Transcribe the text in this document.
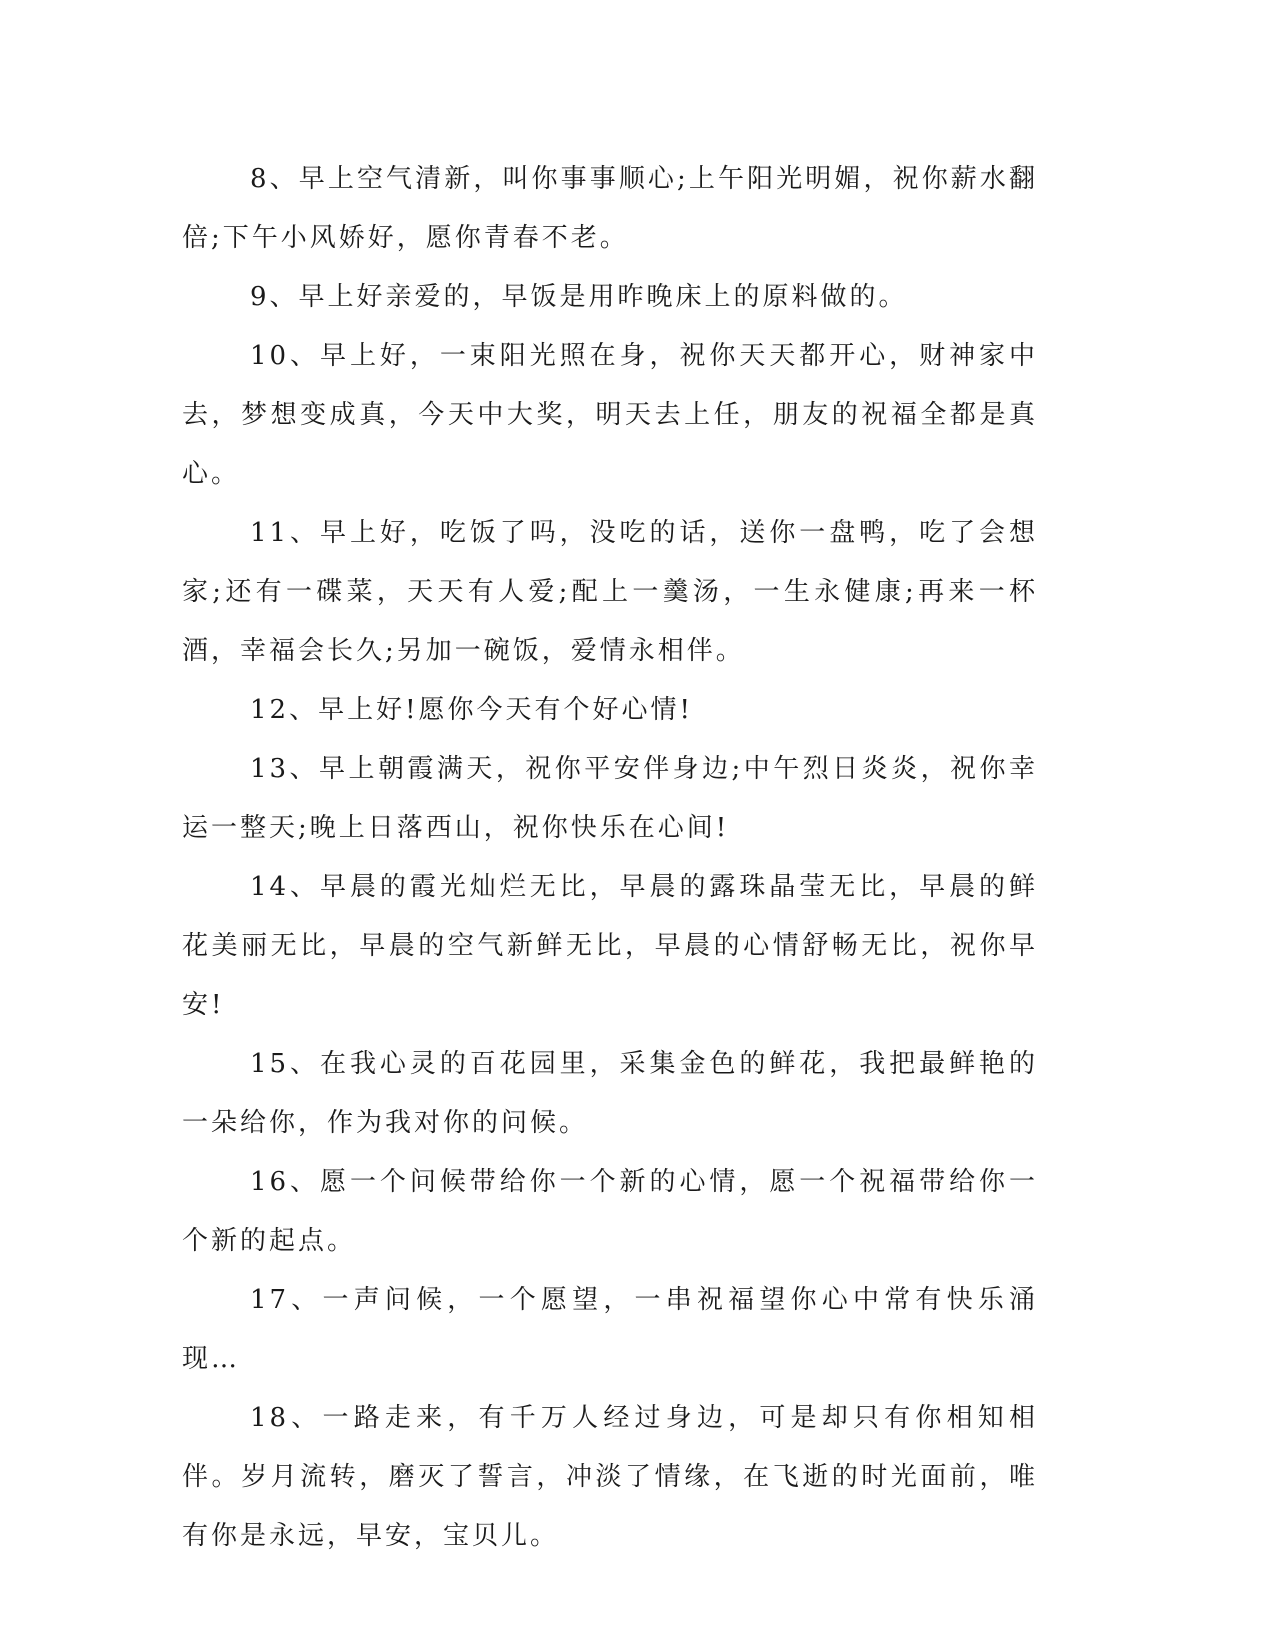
8、早上空气清新，叫你事事顺心;上午阳光明媚，祝你薪水翻倍;下午小风娇好，愿你青春不老。

9、早上好亲爱的，早饭是用昨晚床上的原料做的。

10、早上好，一束阳光照在身，祝你天天都开心，财神家中去，梦想变成真，今天中大奖，明天去上任，朋友的祝福全都是真心。

11、早上好，吃饭了吗，没吃的话，送你一盘鸭，吃了会想家;还有一碟菜，天天有人爱;配上一羹汤，一生永健康;再来一杯酒，幸福会长久;另加一碗饭，爱情永相伴。

12、早上好!愿你今天有个好心情!

13、早上朝霞满天，祝你平安伴身边;中午烈日炎炎，祝你幸运一整天;晚上日落西山，祝你快乐在心间!

14、早晨的霞光灿烂无比，早晨的露珠晶莹无比，早晨的鲜花美丽无比，早晨的空气新鲜无比，早晨的心情舒畅无比，祝你早安!

15、在我心灵的百花园里，采集金色的鲜花，我把最鲜艳的一朵给你，作为我对你的问候。

16、愿一个问候带给你一个新的心情，愿一个祝福带给你一个新的起点。

17、一声问候，一个愿望，一串祝福望你心中常有快乐涌现…

18、一路走来，有千万人经过身边，可是却只有你相知相伴。岁月流转，磨灭了誓言，冲淡了情缘，在飞逝的时光面前，唯有你是永远，早安，宝贝儿。
